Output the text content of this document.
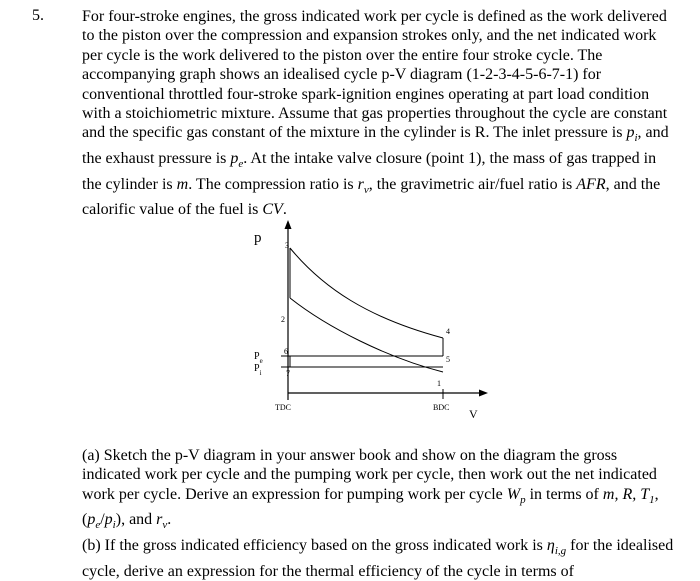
5. For four-stroke engines, the gross indicated work per cycle is defined as the work delivered to the piston over the compression and expansion strokes only, and the net indicated work per cycle is the work delivered to the piston over the entire four stroke cycle. The accompanying graph shows an idealised cycle p-V diagram (1-2-3-4-5-6-7-1) for conventional throttled four-stroke spark-ignition engines operating at part load condition with a stoichiometric mixture. Assume that gas properties throughout the cycle are constant and the specific gas constant of the mixture in the cylinder is R. The inlet pressure is $p_i$, and the exhaust pressure is $p_e$. At the intake valve closure (point 1), the mass of gas trapped in the cylinder is m. The compression ratio is $r_v$, the gravimetric air/fuel ratio is AFR, and the calorific value of the fuel is CV.
p
V
TDC	BDC
$P_e$
$P_i$
1
2
3
4
5
6
7

(a) Sketch the p-V diagram in your answer book and show on the diagram the gross indicated work per cycle and the pumping work per cycle, then work out the net indicated work per cycle. Derive an expression for pumping work per cycle $W_p$ in terms of m, R, $T_1$, $(p_e/p_i)$, and $r_v$.

(b) If the gross indicated efficiency based on the gross indicated work is $\eta_{i,g}$ for the idealised cycle, derive an expression for the thermal efficiency of the cycle in terms of
